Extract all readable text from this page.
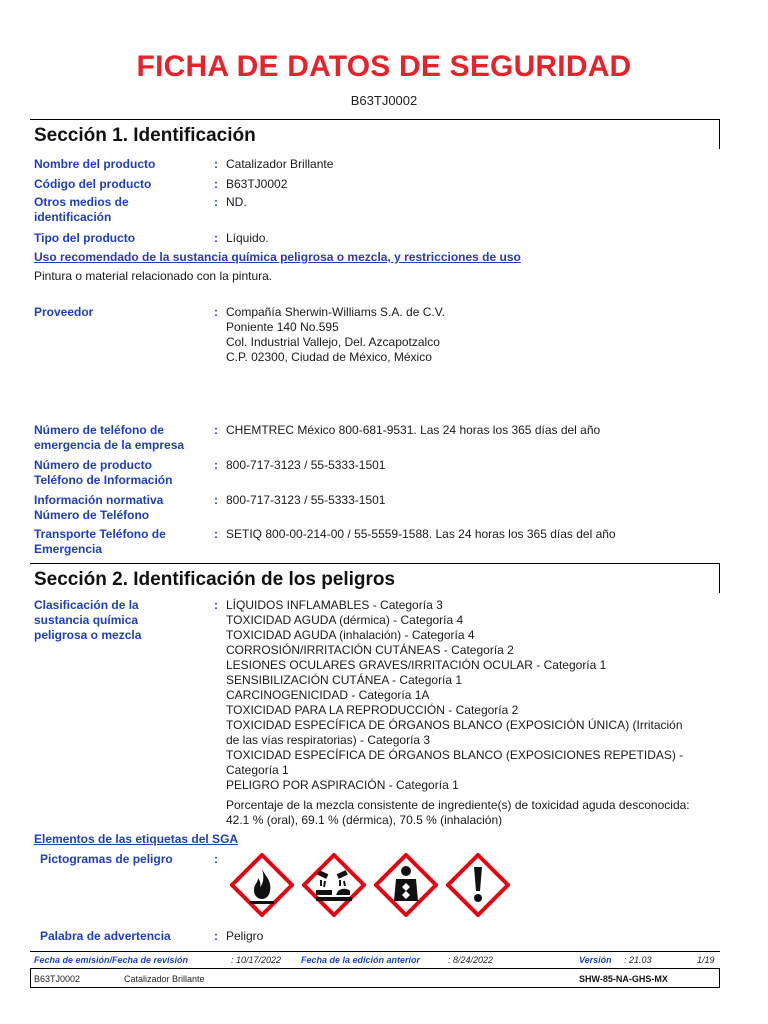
FICHA DE DATOS DE SEGURIDAD
B63TJ0002
Sección 1. Identificación
Nombre del producto	: Catalizador Brillante
Código del producto	: B63TJ0002
Otros medios de
identificación
: ND.
Tipo del producto	: Líquido.
Uso recomendado de la sustancia química peligrosa o mezcla, y restricciones de uso
Pintura o material relacionado con la pintura.
Proveedor	: Compañía Sherwin-Williams S.A. de C.V.
Poniente 140 No.595
Col. Industrial Vallejo, Del. Azcapotzalco
C.P. 02300, Ciudad de México, México
Número de teléfono de
emergencia de la empresa
: CHEMTREC México 800-681-9531. Las 24 horas los 365 días del año
Número de producto
Teléfono de Información
: 800-717-3123 / 55-5333-1501
Información normativa
Número de Teléfono
: 800-717-3123 / 55-5333-1501
Transporte Teléfono de
Emergencia
: SETIQ 800-00-214-00 / 55-5559-1588. Las 24 horas los 365 días del año
Sección 2. Identificación de los peligros
Clasificación de la
sustancia química
peligrosa o mezcla
: LÍQUIDOS INFLAMABLES - Categoría 3
TOXICIDAD AGUDA (dérmica) - Categoría 4
TOXICIDAD AGUDA (inhalación) - Categoría 4
CORROSIÓN/IRRITACIÓN CUTÁNEAS - Categoría 2
LESIONES OCULARES GRAVES/IRRITACIÓN OCULAR - Categoría 1
SENSIBILIZACIÓN CUTÁNEA - Categoría 1
CARCINOGENICIDAD - Categoría 1A
TOXICIDAD PARA LA REPRODUCCIÓN - Categoría 2
TOXICIDAD ESPECÍFICA DE ÓRGANOS BLANCO (EXPOSICIÓN ÚNICA) (Irritación
de las vías respiratorias) - Categoría 3
TOXICIDAD ESPECÍFICA DE ÓRGANOS BLANCO (EXPOSICIONES REPETIDAS) -
Categoría 1
PELIGRO POR ASPIRACIÓN - Categoría 1
Porcentaje de la mezcla consistente de ingrediente(s) de toxicidad aguda desconocida:
42.1 % (oral), 69.1 % (dérmica), 70.5 % (inhalación)
Elementos de las etiquetas del SGA
Pictogramas de peligro	:
Palabra de advertencia	: Peligro
Fecha de emisión/Fecha de revisión	: 10/17/2022 Fecha de la edición anterior	: 8/24/2022	Versión : 21.03	1/19
B63TJ0002	Catalizador Brillante	SHW-85-NA-GHS-MX
